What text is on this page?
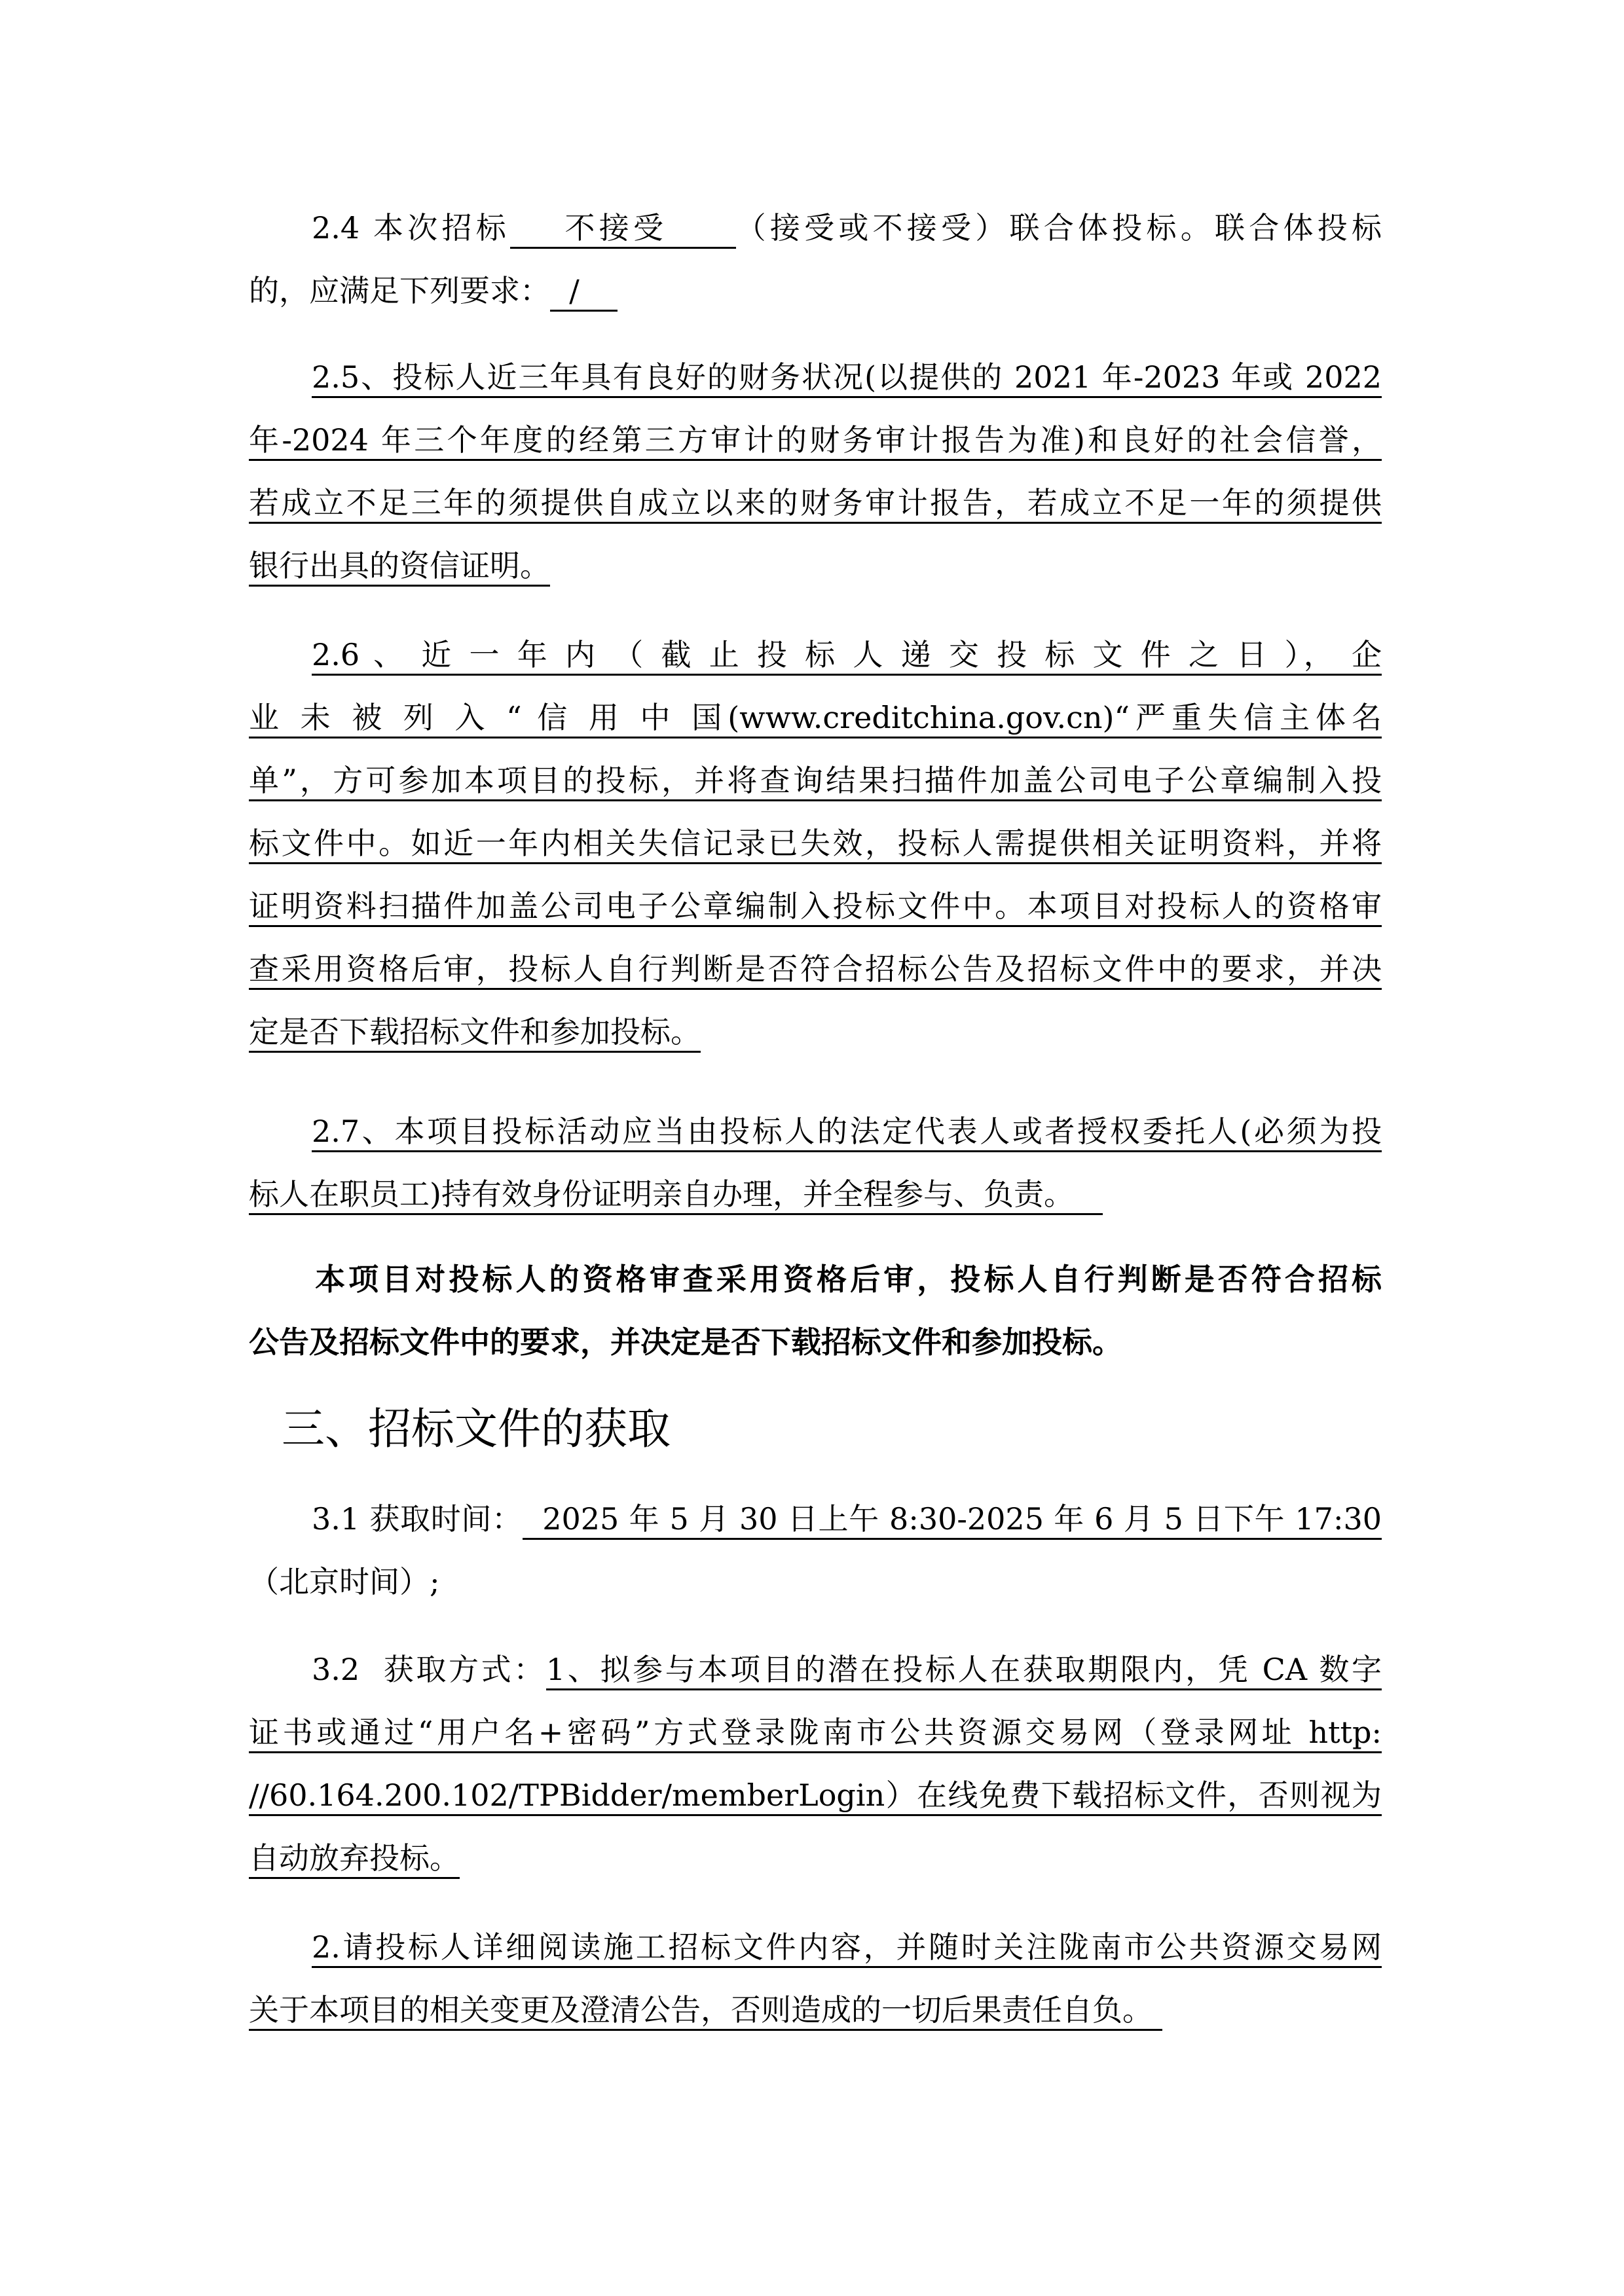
2.4 本次招标    不接受     （接受或不接受）联合体投标。联合体投标
的，应满足下列要求：  /
2.5、投标人近三年具有良好的财务状况(以提供的 2021 年-2023 年或 2022
年-2024 年三个年度的经第三方审计的财务审计报告为准)和良好的社会信誉，
若成立不足三年的须提供自成立以来的财务审计报告，若成立不足一年的须提供
银行出具的资信证明。
2.6 、 近 一 年 内 （ 截 止 投 标 人 递 交 投 标 文 件 之 日 ）， 企
业 未 被 列 入 “ 信 用 中 国(www.creditchina.gov.cn)“严重失信主体名
单”，方可参加本项目的投标，并将查询结果扫描件加盖公司电子公章编制入投
标文件中。如近一年内相关失信记录已失效，投标人需提供相关证明资料，并将
证明资料扫描件加盖公司电子公章编制入投标文件中。本项目对投标人的资格审
查采用资格后审，投标人自行判断是否符合招标公告及招标文件中的要求，并决
定是否下载招标文件和参加投标。
2.7、本项目投标活动应当由投标人的法定代表人或者授权委托人(必须为投
标人在职员工)持有效身份证明亲自办理，并全程参与、负责。
本项目对投标人的资格审查采用资格后审，投标人自行判断是否符合招标
公告及招标文件中的要求，并决定是否下载招标文件和参加投标。
三、招标文件的获取
3.1 获取时间：  2025 年 5 月 30 日上午 8:30-2025 年 6 月 5 日下午 17:30
（北京时间）;
3.2  获取方式：1、拟参与本项目的潜在投标人在获取期限内，凭 CA 数字
证书或通过“用户名+密码”方式登录陇南市公共资源交易网（登录网址 http:
//60.164.200.102/TPBidder/memberLogin）在线免费下载招标文件，否则视为
自动放弃投标。
2.请投标人详细阅读施工招标文件内容，并随时关注陇南市公共资源交易网
关于本项目的相关变更及澄清公告，否则造成的一切后果责任自负。
